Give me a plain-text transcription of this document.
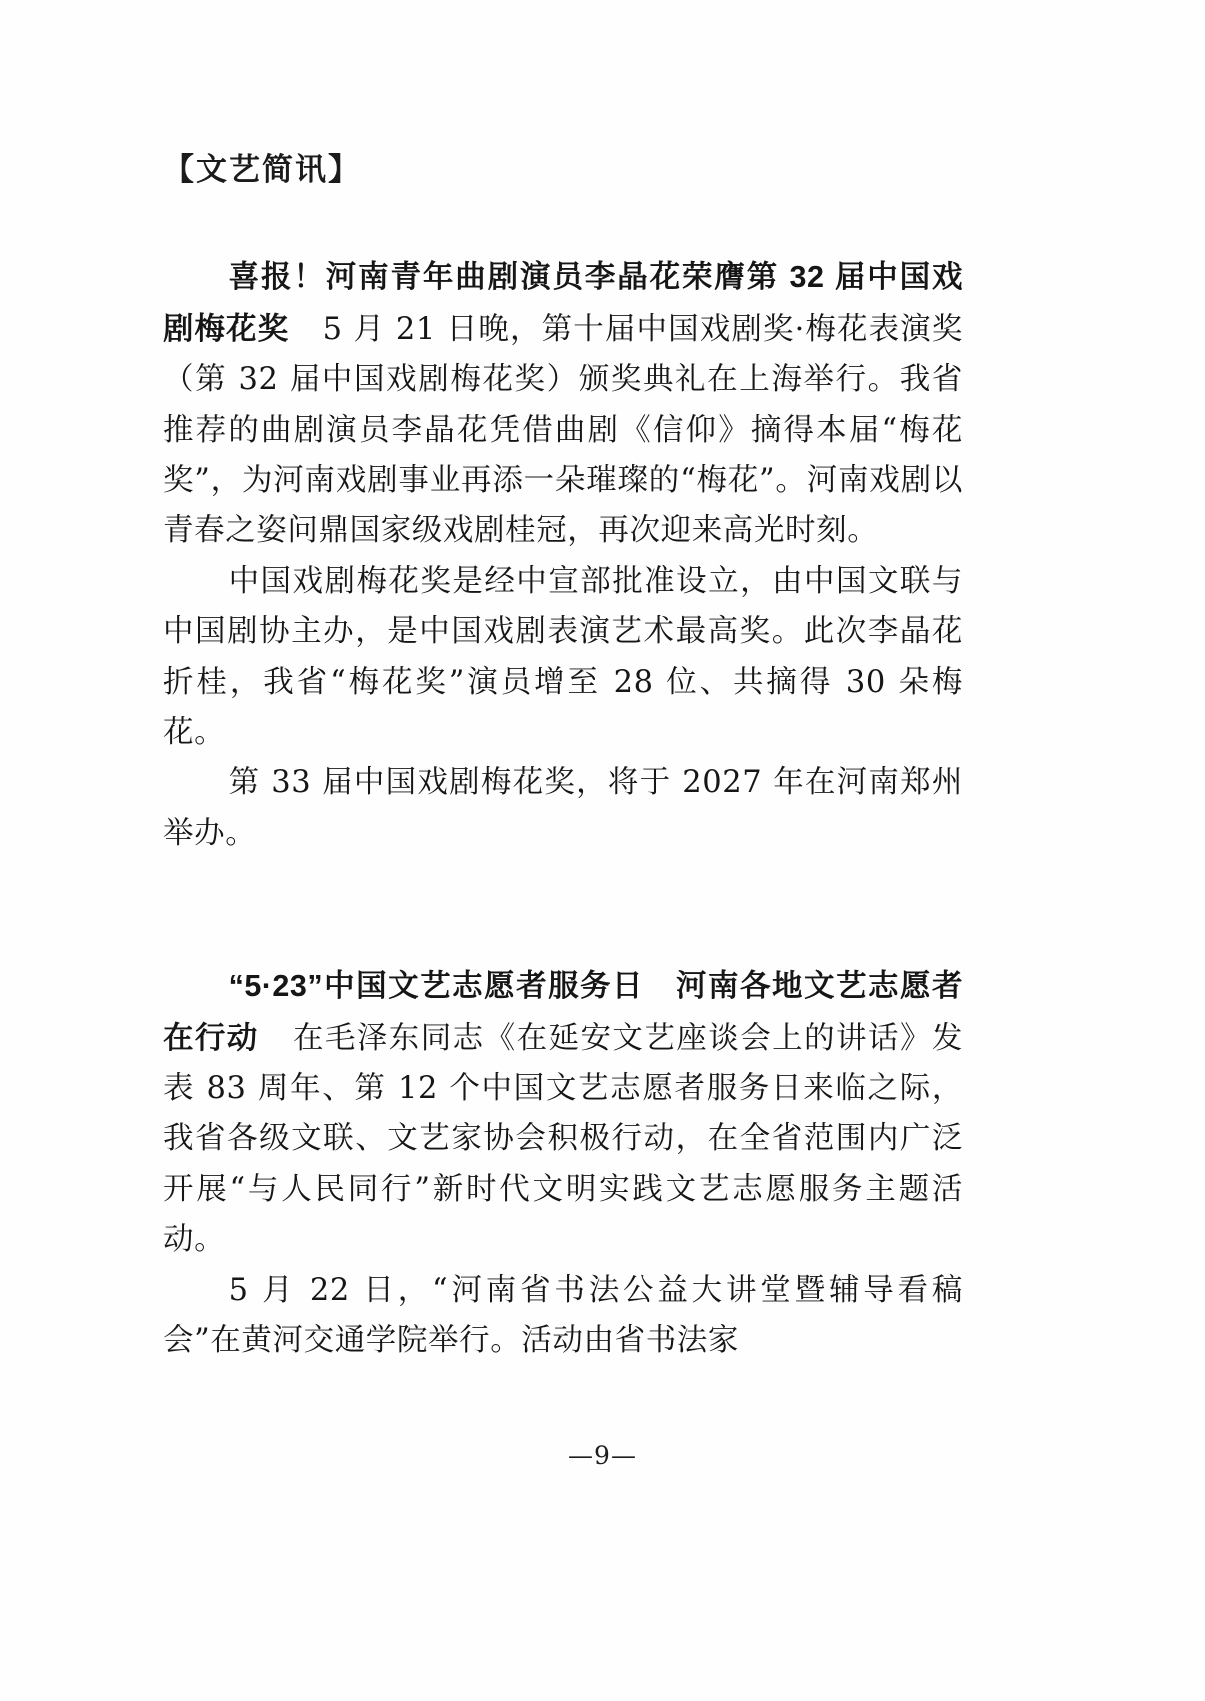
【文艺简讯】

喜报！河南青年曲剧演员李晶花荣膺第 32 届中国戏剧梅花奖 5 月 21 日晚，第十届中国戏剧奖·梅花表演奖（第 32 届中国戏剧梅花奖）颁奖典礼在上海举行。我省推荐的曲剧演员李晶花凭借曲剧《信仰》摘得本届“梅花奖”，为河南戏剧事业再添一朵璀璨的“梅花”。河南戏剧以青春之姿问鼎国家级戏剧桂冠，再次迎来高光时刻。

中国戏剧梅花奖是经中宣部批准设立，由中国文联与中国剧协主办，是中国戏剧表演艺术最高奖。此次李晶花折桂，我省“梅花奖”演员增至 28 位、共摘得 30 朵梅花。

第 33 届中国戏剧梅花奖，将于 2027 年在河南郑州举办。

“5·23”中国文艺志愿者服务日　河南各地文艺志愿者在行动 在毛泽东同志《在延安文艺座谈会上的讲话》发表 83 周年、第 12 个中国文艺志愿者服务日来临之际，我省各级文联、文艺家协会积极行动，在全省范围内广泛开展“与人民同行”新时代文明实践文艺志愿服务主题活动。

5 月 22 日，“河南省书法公益大讲堂暨辅导看稿会”在黄河交通学院举行。活动由省书法家

—9—
